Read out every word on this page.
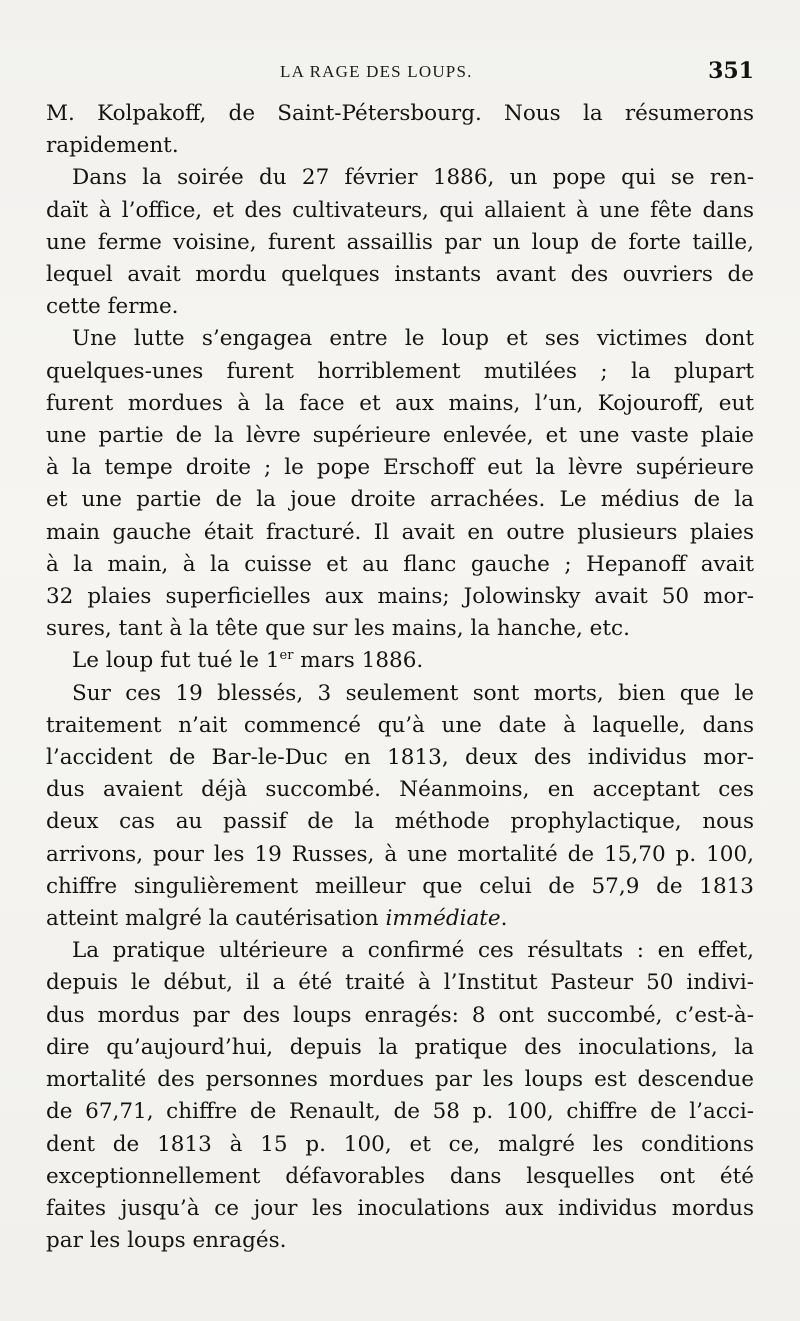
LA RAGE DES LOUPS.	351
M. Kolpakoff, de Saint-Pétersbourg. Nous la résumerons
rapidement.
Dans la soirée du 27 février 1886, un pope qui se ren-
daït à l’office, et des cultivateurs, qui allaient à une fête dans
une ferme voisine, furent assaillis par un loup de forte taille,
lequel avait mordu quelques instants avant des ouvriers de
cette ferme.
Une lutte s’engagea entre le loup et ses victimes dont
quelques-unes furent horriblement mutilées ; la plupart
furent mordues à la face et aux mains, l’un, Kojouroff, eut
une partie de la lèvre supérieure enlevée, et une vaste plaie
à la tempe droite ; le pope Erschoff eut la lèvre supérieure
et une partie de la joue droite arrachées. Le médius de la
main gauche était fracturé. Il avait en outre plusieurs plaies
à la main, à la cuisse et au flanc gauche ; Hepanoff avait
32 plaies superficielles aux mains; Jolowinsky avait 50 mor-
sures, tant à la tête que sur les mains, la hanche, etc.
Le loup fut tué le 1er mars 1886.
Sur ces 19 blessés, 3 seulement sont morts, bien que le
traitement n’ait commencé qu’à une date à laquelle, dans
l’accident de Bar-le-Duc en 1813, deux des individus mor-
dus avaient déjà succombé. Néanmoins, en acceptant ces
deux cas au passif de la méthode prophylactique, nous
arrivons, pour les 19 Russes, à une mortalité de 15,70 p. 100,
chiffre singulièrement meilleur que celui de 57,9 de 1813
atteint malgré la cautérisation immédiate.
La pratique ultérieure a confirmé ces résultats : en effet,
depuis le début, il a été traité à l’Institut Pasteur 50 indivi-
dus mordus par des loups enragés: 8 ont succombé, c’est-à-
dire qu’aujourd’hui, depuis la pratique des inoculations, la
mortalité des personnes mordues par les loups est descendue
de 67,71, chiffre de Renault, de 58 p. 100, chiffre de l’acci-
dent de 1813 à 15 p. 100, et ce, malgré les conditions
exceptionnellement défavorables dans lesquelles ont été
faites jusqu’à ce jour les inoculations aux individus mordus
par les loups enragés.
